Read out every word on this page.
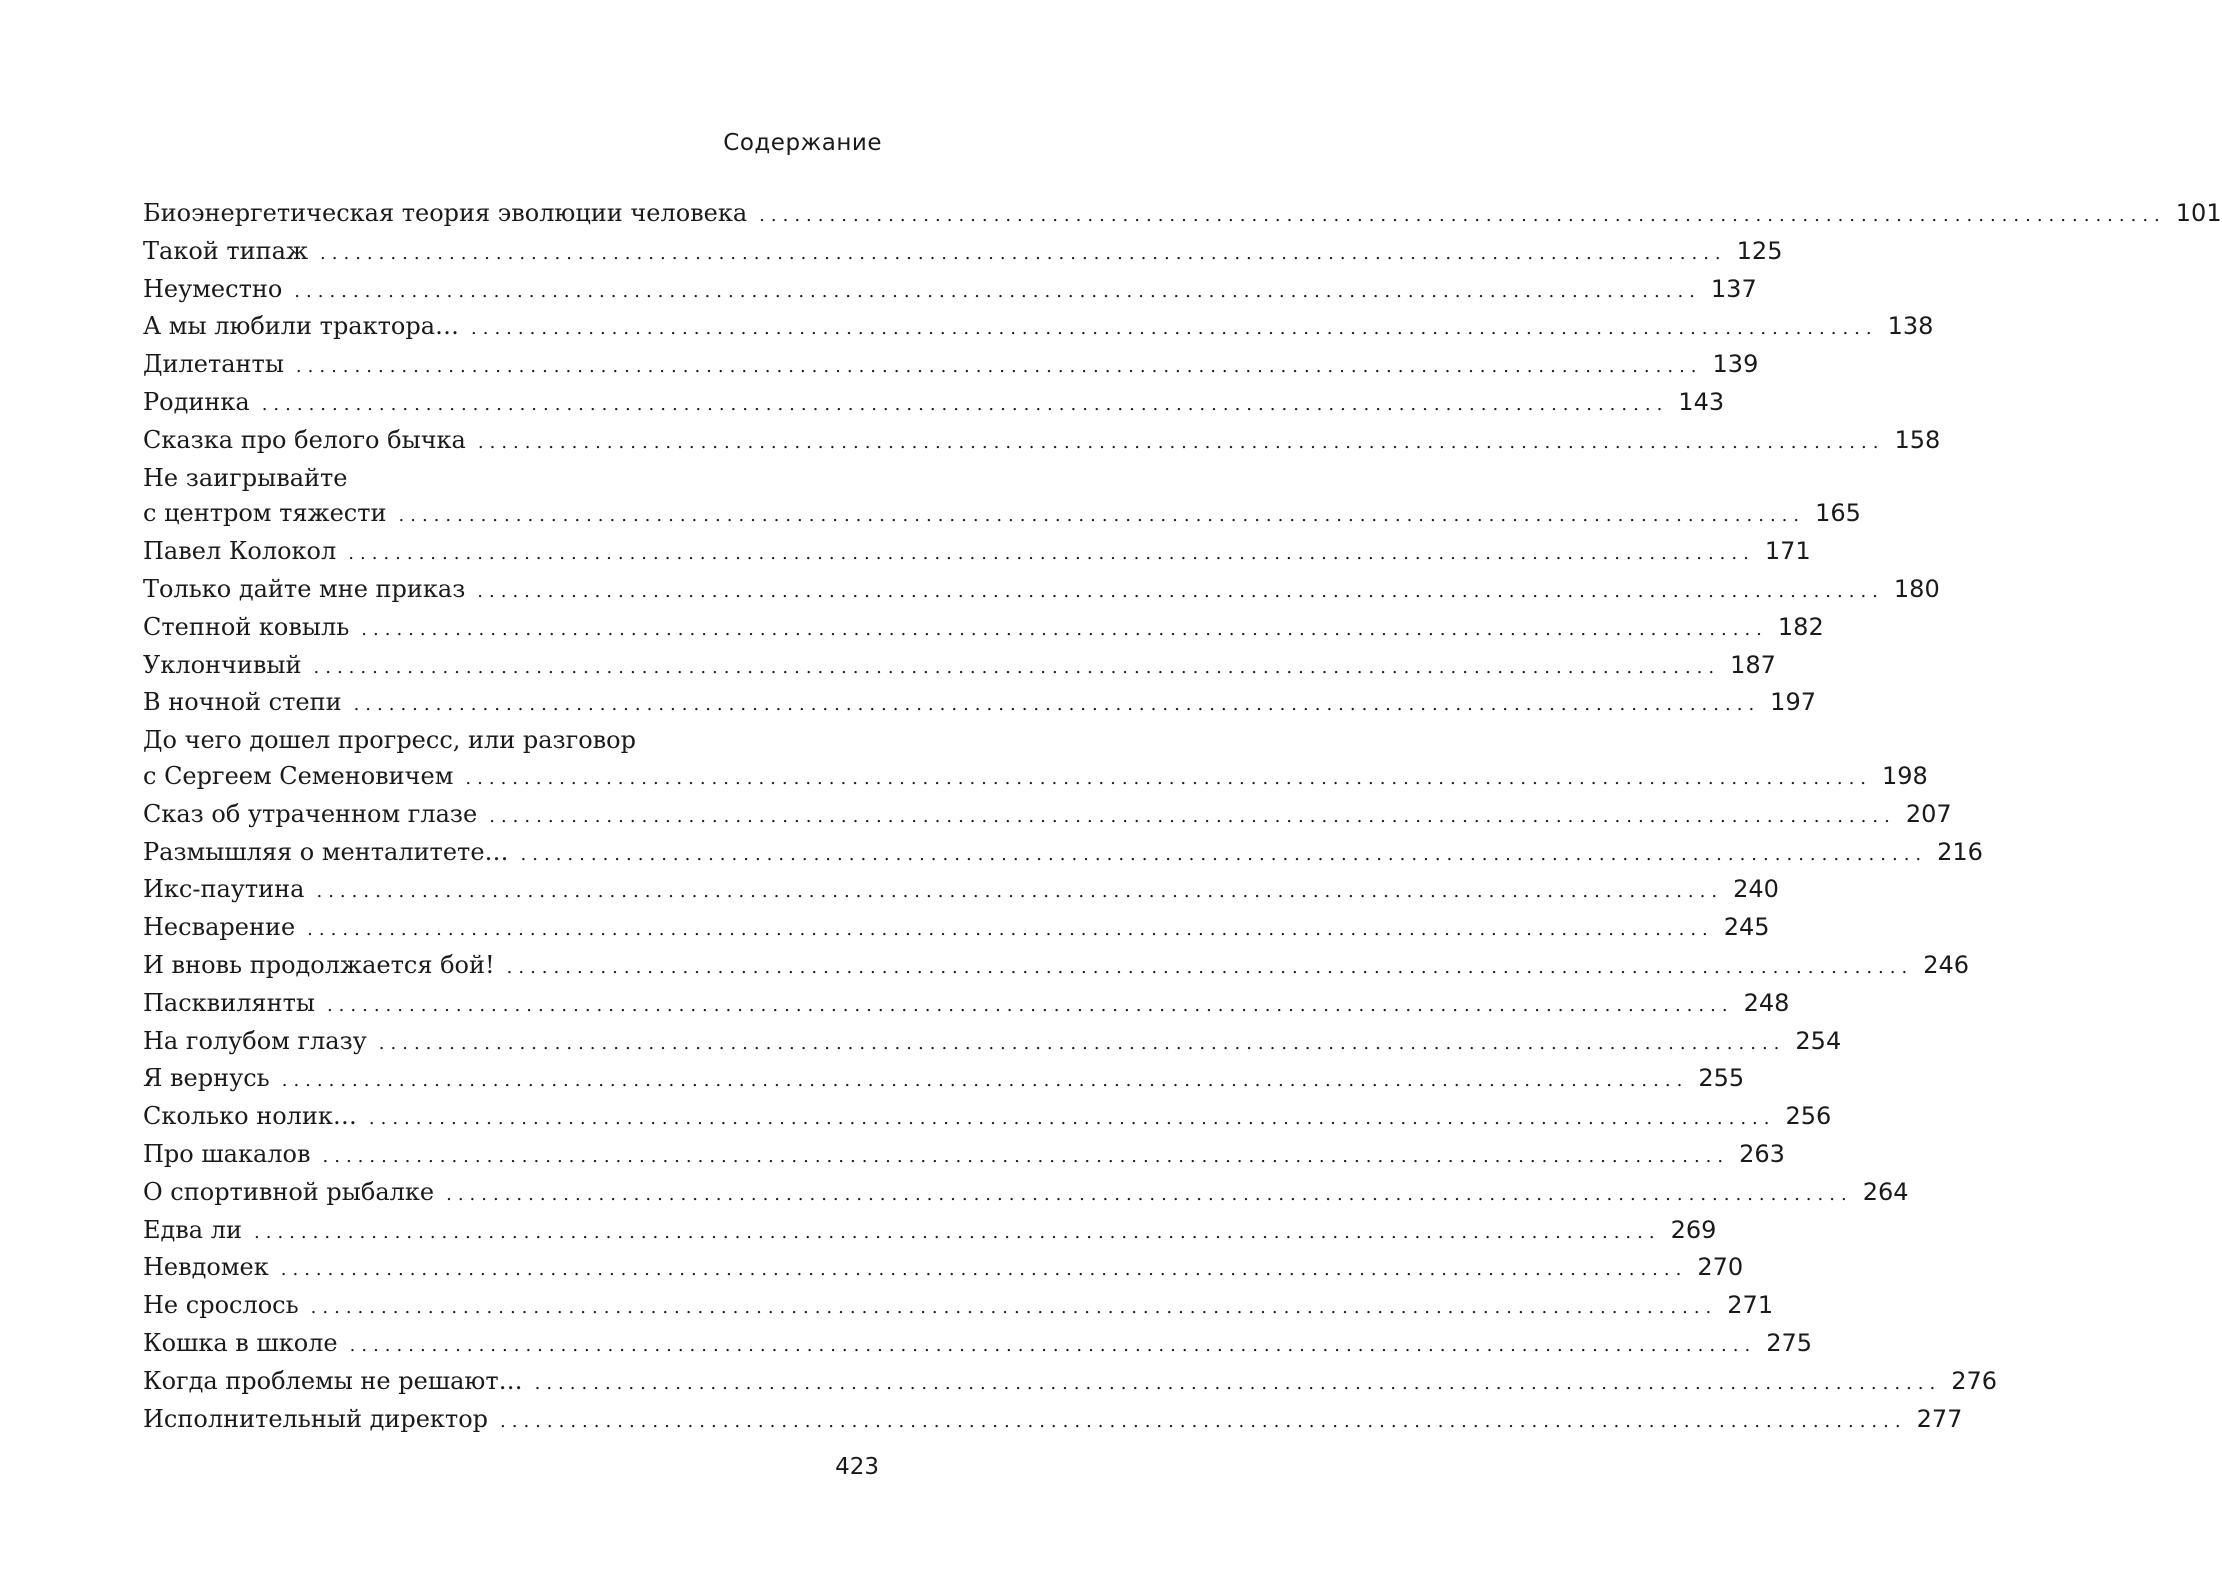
Содержание
Биоэнергетическая теория эволюции человека ........................................................................................................................ 101
Такой типаж ........................................................................................................................ 125
Неуместно ........................................................................................................................ 137
А мы любили трактора… ........................................................................................................................ 138
Дилетанты ........................................................................................................................ 139
Родинка ........................................................................................................................ 143
Сказка про белого бычка ........................................................................................................................ 158
Не заигрывайте
с центром тяжести ........................................................................................................................ 165
Павел Колокол ........................................................................................................................ 171
Только дайте мне приказ ........................................................................................................................ 180
Степной ковыль ........................................................................................................................ 182
Уклончивый ........................................................................................................................ 187
В ночной степи ........................................................................................................................ 197
До чего дошел прогресс, или разговор
с Сергеем Семеновичем ........................................................................................................................ 198
Сказ об утраченном глазе ........................................................................................................................ 207
Размышляя о менталитете… ........................................................................................................................ 216
Икс-паутина ........................................................................................................................ 240
Несварение ........................................................................................................................ 245
И вновь продолжается бой! ........................................................................................................................ 246
Пасквилянты ........................................................................................................................ 248
На голубом глазу ........................................................................................................................ 254
Я вернусь ........................................................................................................................ 255
Сколько нолик… ........................................................................................................................ 256
Про шакалов ........................................................................................................................ 263
О спортивной рыбалке ........................................................................................................................ 264
Едва ли ........................................................................................................................ 269
Невдомек ........................................................................................................................ 270
Не срослось ........................................................................................................................ 271
Кошка в школе ........................................................................................................................ 275
Когда проблемы не решают… ........................................................................................................................ 276
Исполнительный директор ........................................................................................................................ 277
423
